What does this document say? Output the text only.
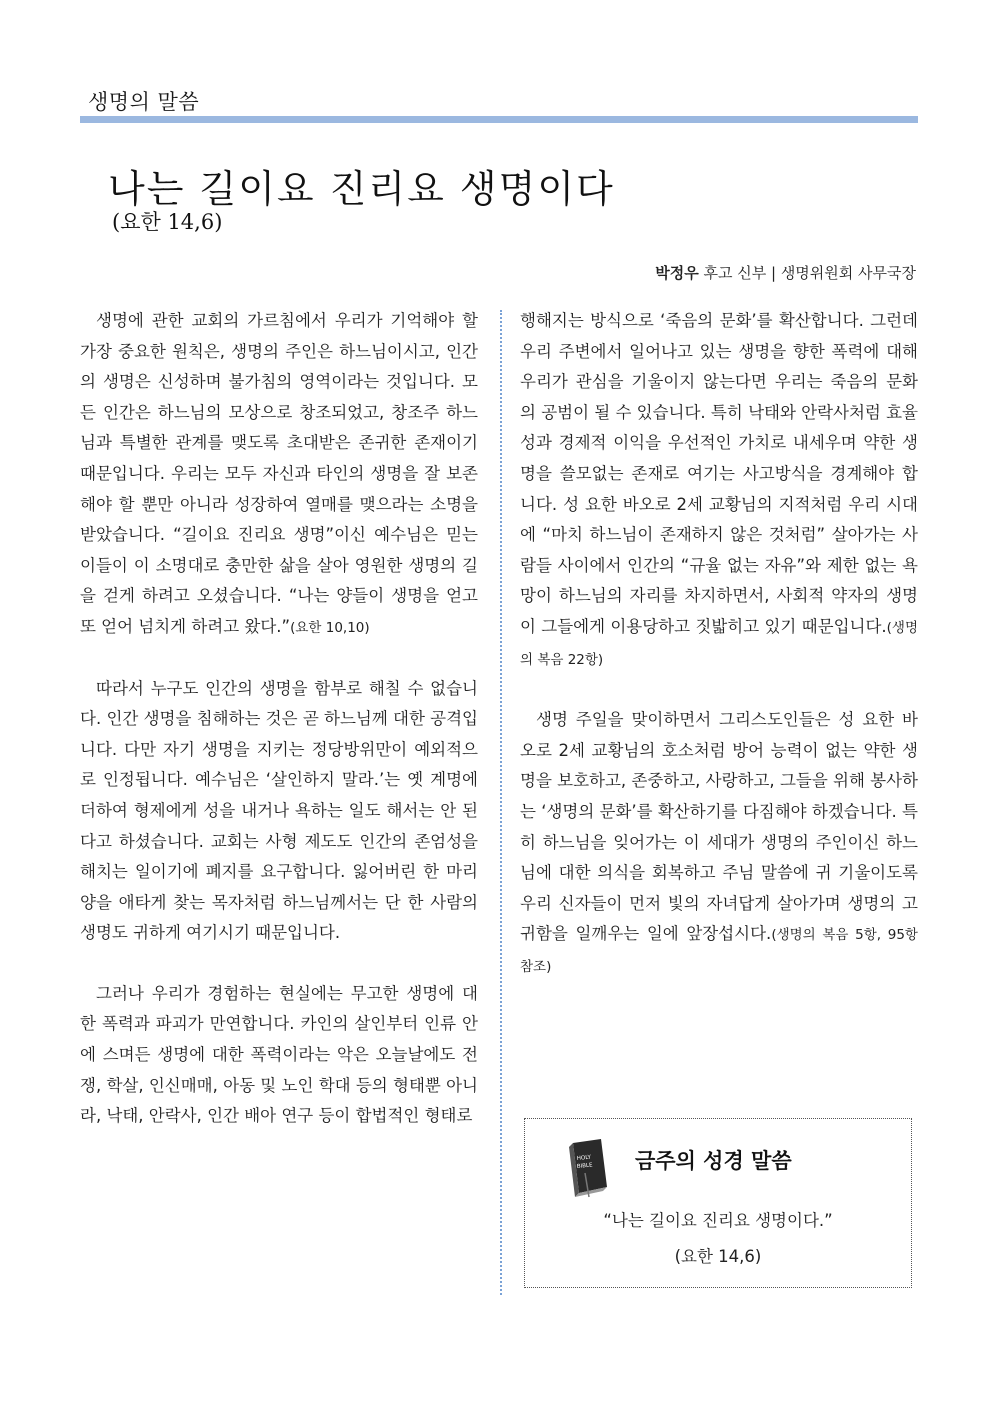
생명의 말씀
나는 길이요 진리요 생명이다
(요한 14,6)
박정우 후고 신부 | 생명위원회 사무국장

생명에 관한 교회의 가르침에서 우리가 기억해야 할 가장 중요한 원칙은, 생명의 주인은 하느님이시고, 인간의 생명은 신성하며 불가침의 영역이라는 것입니다. 모든 인간은 하느님의 모상으로 창조되었고, 창조주 하느님과 특별한 관계를 맺도록 초대받은 존귀한 존재이기 때문입니다. 우리는 모두 자신과 타인의 생명을 잘 보존해야 할 뿐만 아니라 성장하여 열매를 맺으라는 소명을 받았습니다. “길이요 진리요 생명”이신 예수님은 믿는 이들이 이 소명대로 충만한 삶을 살아 영원한 생명의 길을 걷게 하려고 오셨습니다. “나는 양들이 생명을 얻고 또 얻어 넘치게 하려고 왔다.”(요한 10,10)

따라서 누구도 인간의 생명을 함부로 해칠 수 없습니다. 인간 생명을 침해하는 것은 곧 하느님께 대한 공격입니다. 다만 자기 생명을 지키는 정당방위만이 예외적으로 인정됩니다. 예수님은 ‘살인하지 말라.’는 옛 계명에 더하여 형제에게 성을 내거나 욕하는 일도 해서는 안 된다고 하셨습니다. 교회는 사형 제도도 인간의 존엄성을 해치는 일이기에 폐지를 요구합니다. 잃어버린 한 마리 양을 애타게 찾는 목자처럼 하느님께서는 단 한 사람의 생명도 귀하게 여기시기 때문입니다.

그러나 우리가 경험하는 현실에는 무고한 생명에 대한 폭력과 파괴가 만연합니다. 카인의 살인부터 인류 안에 스며든 생명에 대한 폭력이라는 악은 오늘날에도 전쟁, 학살, 인신매매, 아동 및 노인 학대 등의 형태뿐 아니라, 낙태, 안락사, 인간 배아 연구 등이 합법적인 형태로

행해지는 방식으로 ‘죽음의 문화’를 확산합니다. 그런데 우리 주변에서 일어나고 있는 생명을 향한 폭력에 대해 우리가 관심을 기울이지 않는다면 우리는 죽음의 문화의 공범이 될 수 있습니다. 특히 낙태와 안락사처럼 효율성과 경제적 이익을 우선적인 가치로 내세우며 약한 생명을 쓸모없는 존재로 여기는 사고방식을 경계해야 합니다. 성 요한 바오로 2세 교황님의 지적처럼 우리 시대에 “마치 하느님이 존재하지 않은 것처럼” 살아가는 사람들 사이에서 인간의 “규율 없는 자유”와 제한 없는 욕망이 하느님의 자리를 차지하면서, 사회적 약자의 생명이 그들에게 이용당하고 짓밟히고 있기 때문입니다.(생명의 복음 22항)

생명 주일을 맞이하면서 그리스도인들은 성 요한 바오로 2세 교황님의 호소처럼 방어 능력이 없는 약한 생명을 보호하고, 존중하고, 사랑하고, 그들을 위해 봉사하는 ‘생명의 문화’를 확산하기를 다짐해야 하겠습니다. 특히 하느님을 잊어가는 이 세대가 생명의 주인이신 하느님에 대한 의식을 회복하고 주님 말씀에 귀 기울이도록 우리 신자들이 먼저 빛의 자녀답게 살아가며 생명의 고귀함을 일깨우는 일에 앞장섭시다.(생명의 복음 5항, 95항 참조)

HOLY
BIBLE 금주의 성경 말씀
“나는 길이요 진리요 생명이다.”
(요한 14,6)
